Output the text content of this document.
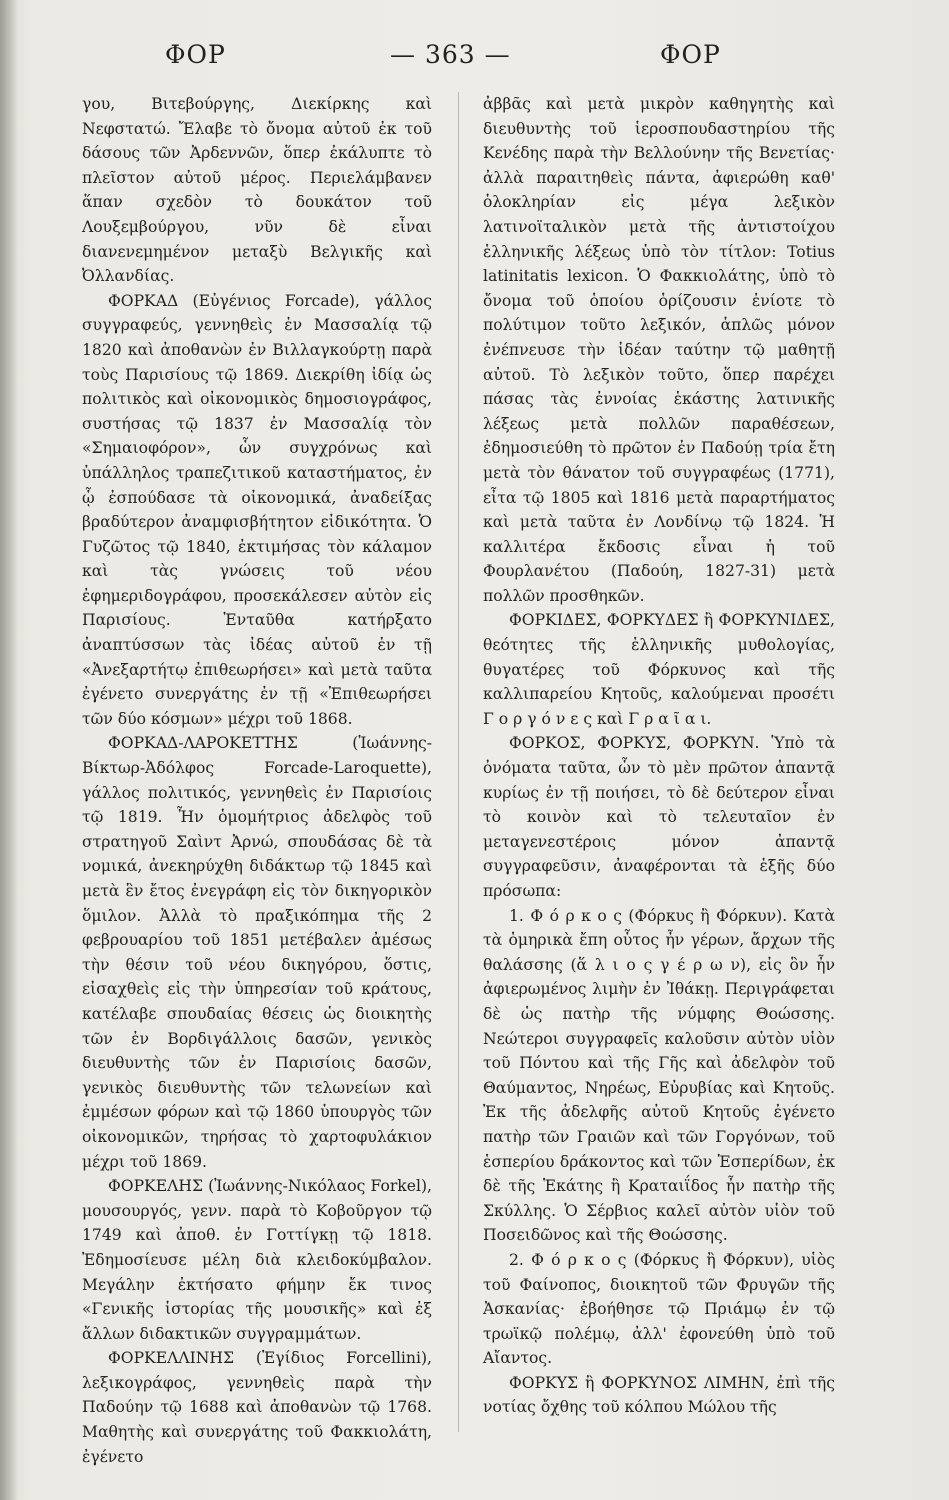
ΦΟΡ	— 363 —	ΦΟΡ

γου, Βιτεβούργης, Διεκίρκης καὶ Νεφστατώ. Ἔλαβε τὸ ὄνομα αὐτοῦ ἐκ τοῦ δάσους τῶν Ἀρδεννῶν, ὅπερ ἐκάλυπτε τὸ πλεῖστον αὐτοῦ μέρος. Περιελάμβανεν ἅπαν σχεδὸν τὸ δουκάτον τοῦ Λουξεμβούργου, νῦν δὲ εἶναι διανενεμημένον μεταξὺ Βελγικῆς καὶ Ὀλλανδίας.

ΦΟΡΚΑΔ (Εὐγένιος Forcade), γάλλος συγγραφεύς, γεννηθεὶς ἐν Μασσαλίᾳ τῷ 1820 καὶ ἀποθανὼν ἐν Βιλλαγκούρτῃ παρὰ τοὺς Παρισίους τῷ 1869. Διεκρίθη ἰδίᾳ ὡς πολιτικὸς καὶ οἰκονομικὸς δημοσιογράφος, συστήσας τῷ 1837 ἐν Μασσαλίᾳ τὸν «Σημαιοφόρον», ὧν συγχρόνως καὶ ὑπάλληλος τραπεζιτικοῦ καταστήματος, ἐν ᾧ ἐσπούδασε τὰ οἰκονομικά, ἀναδείξας βραδύτερον ἀναμφισβήτητον εἰδικότητα. Ὁ Γυζῶτος τῷ 1840, ἐκτιμήσας τὸν κάλαμον καὶ τὰς γνώσεις τοῦ νέου ἐφημεριδογράφου, προσεκάλεσεν αὐτὸν εἰς Παρισίους. Ἐνταῦθα κατήρξατο ἀναπτύσσων τὰς ἰδέας αὐτοῦ ἐν τῇ «Ἀνεξαρτήτῳ ἐπιθεωρήσει» καὶ μετὰ ταῦτα ἐγένετο συνεργάτης ἐν τῇ «Ἐπιθεωρήσει τῶν δύο κόσμων» μέχρι τοῦ 1868.

ΦΟΡΚΑΔ-ΛΑΡΟΚΕΤΤΗΣ (Ἰωάννης-Βίκτωρ-Ἀδόλφος Forcade-Laroquette), γάλλος πολιτικός, γεννηθεὶς ἐν Παρισίοις τῷ 1819. Ἦν ὁμομήτριος ἀδελφὸς τοῦ στρατηγοῦ Σαὶντ Ἀρνώ, σπουδάσας δὲ τὰ νομικά, ἀνεκηρύχθη διδάκτωρ τῷ 1845 καὶ μετὰ ἓν ἔτος ἐνεγράφη εἰς τὸν δικηγορικὸν ὅμιλον. Ἀλλὰ τὸ πραξικόπημα τῆς 2 φεβρουαρίου τοῦ 1851 μετέβαλεν ἀμέσως τὴν θέσιν τοῦ νέου δικηγόρου, ὅστις, εἰσαχθεὶς εἰς τὴν ὑπηρεσίαν τοῦ κράτους, κατέλαβε σπουδαίας θέσεις ὡς διοικητὴς τῶν ἐν Βορδιγάλλοις δασῶν, γενικὸς διευθυντὴς τῶν ἐν Παρισίοις δασῶν, γενικὸς διευθυντὴς τῶν τελωνείων καὶ ἐμμέσων φόρων καὶ τῷ 1860 ὑπουργὸς τῶν οἰκονομικῶν, τηρήσας τὸ χαρτοφυλάκιον μέχρι τοῦ 1869.

ΦΟΡΚΕΛΗΣ (Ἰωάννης-Νικόλαος Forkel), μουσουργός, γενν. παρὰ τὸ Κοβοῦργον τῷ 1749 καὶ ἀποθ. ἐν Γοττίγκῃ τῷ 1818. Ἐδημοσίευσε μέλη διὰ κλειδοκύμβαλον. Μεγάλην ἐκτήσατο φήμην ἔκ τινος «Γενικῆς ἱστορίας τῆς μουσικῆς» καὶ ἐξ ἄλλων διδακτικῶν συγγραμμάτων.

ΦΟΡΚΕΛΛΙΝΗΣ (Ἐγίδιος Forcellini), λεξικογράφος, γεννηθεὶς παρὰ τὴν Παδούην τῷ 1688 καὶ ἀποθανὼν τῷ 1768. Μαθητὴς καὶ συνεργάτης τοῦ Φακκιολάτη, ἐγένετο

ἀββᾶς καὶ μετὰ μικρὸν καθηγητὴς καὶ διευθυντὴς τοῦ ἱεροσπουδαστηρίου τῆς Κενέδης παρὰ τὴν Βελλούνην τῆς Βενετίας· ἀλλὰ παραιτηθεὶς πάντα, ἀφιερώθη καθ' ὁλοκληρίαν εἰς μέγα λεξικὸν λατινοϊταλικὸν μετὰ τῆς ἀντιστοίχου ἑλληνικῆς λέξεως ὑπὸ τὸν τίτλον: Totius latinitatis lexicon. Ὁ Φακκιολάτης, ὑπὸ τὸ ὄνομα τοῦ ὁποίου ὁρίζουσιν ἐνίοτε τὸ πολύτιμον τοῦτο λεξικόν, ἁπλῶς μόνον ἐνέπνευσε τὴν ἰδέαν ταύτην τῷ μαθητῇ αὐτοῦ. Τὸ λεξικὸν τοῦτο, ὅπερ παρέχει πάσας τὰς ἐννοίας ἑκάστης λατινικῆς λέξεως μετὰ πολλῶν παραθέσεων, ἐδημοσιεύθη τὸ πρῶτον ἐν Παδούῃ τρία ἔτη μετὰ τὸν θάνατον τοῦ συγγραφέως (1771), εἶτα τῷ 1805 καὶ 1816 μετὰ παραρτήματος καὶ μετὰ ταῦτα ἐν Λονδίνῳ τῷ 1824. Ἡ καλλιτέρα ἔκδοσις εἶναι ἡ τοῦ Φουρλανέτου (Παδούη, 1827-31) μετὰ πολλῶν προσθηκῶν.

ΦΟΡΚΙΔΕΣ, ΦΟΡΚΥΔΕΣ ἢ ΦΟΡΚΥΝΙΔΕΣ, θεότητες τῆς ἑλληνικῆς μυθολογίας, θυγατέρες τοῦ Φόρκυνος καὶ τῆς καλλιπαρείου Κητοῦς, καλούμεναι προσέτι Γ ο ρ γ ό ν ε ς καὶ Γ ρ α ῖ α ι.

ΦΟΡΚΟΣ, ΦΟΡΚΥΣ, ΦΟΡΚΥΝ. Ὑπὸ τὰ ὀνόματα ταῦτα, ὧν τὸ μὲν πρῶτον ἀπαντᾷ κυρίως ἐν τῇ ποιήσει, τὸ δὲ δεύτερον εἶναι τὸ κοινὸν καὶ τὸ τελευταῖον ἐν μεταγενεστέροις μόνον ἀπαντᾷ συγγραφεῦσιν, ἀναφέρονται τὰ ἑξῆς δύο πρόσωπα:

1. Φ ό ρ κ ο ς (Φόρκυς ἢ Φόρκυν). Κατὰ τὰ ὁμηρικὰ ἔπη οὗτος ἦν γέρων, ἄρχων τῆς θαλάσσης (ἅ λ ι ο ς γ έ ρ ω ν), εἰς ὃν ἦν ἀφιερωμένος λιμὴν ἐν Ἰθάκῃ. Περιγράφεται δὲ ὡς πατὴρ τῆς νύμφης Θοώσσης. Νεώτεροι συγγραφεῖς καλοῦσιν αὐτὸν υἱὸν τοῦ Πόντου καὶ τῆς Γῆς καὶ ἀδελφὸν τοῦ Θαύμαντος, Νηρέως, Εὐρυβίας καὶ Κητοῦς. Ἐκ τῆς ἀδελφῆς αὐτοῦ Κητοῦς ἐγένετο πατὴρ τῶν Γραιῶν καὶ τῶν Γοργόνων, τοῦ ἑσπερίου δράκοντος καὶ τῶν Ἑσπερίδων, ἐκ δὲ τῆς Ἑκάτης ἢ Κραταιΐδος ἦν πατὴρ τῆς Σκύλλης. Ὁ Σέρβιος καλεῖ αὐτὸν υἱὸν τοῦ Ποσειδῶνος καὶ τῆς Θοώσσης.

2. Φ ό ρ κ ο ς (Φόρκυς ἢ Φόρκυν), υἱὸς τοῦ Φαίνοπος, διοικητοῦ τῶν Φρυγῶν τῆς Ἀσκανίας· ἐβοήθησε τῷ Πριάμῳ ἐν τῷ τρωϊκῷ πολέμῳ, ἀλλ' ἐφονεύθη ὑπὸ τοῦ Αἴαντος.

ΦΟΡΚΥΣ ἢ ΦΟΡΚΥΝΟΣ ΛΙΜΗΝ, ἐπὶ τῆς νοτίας ὄχθης τοῦ κόλπου Μώλου τῆς
